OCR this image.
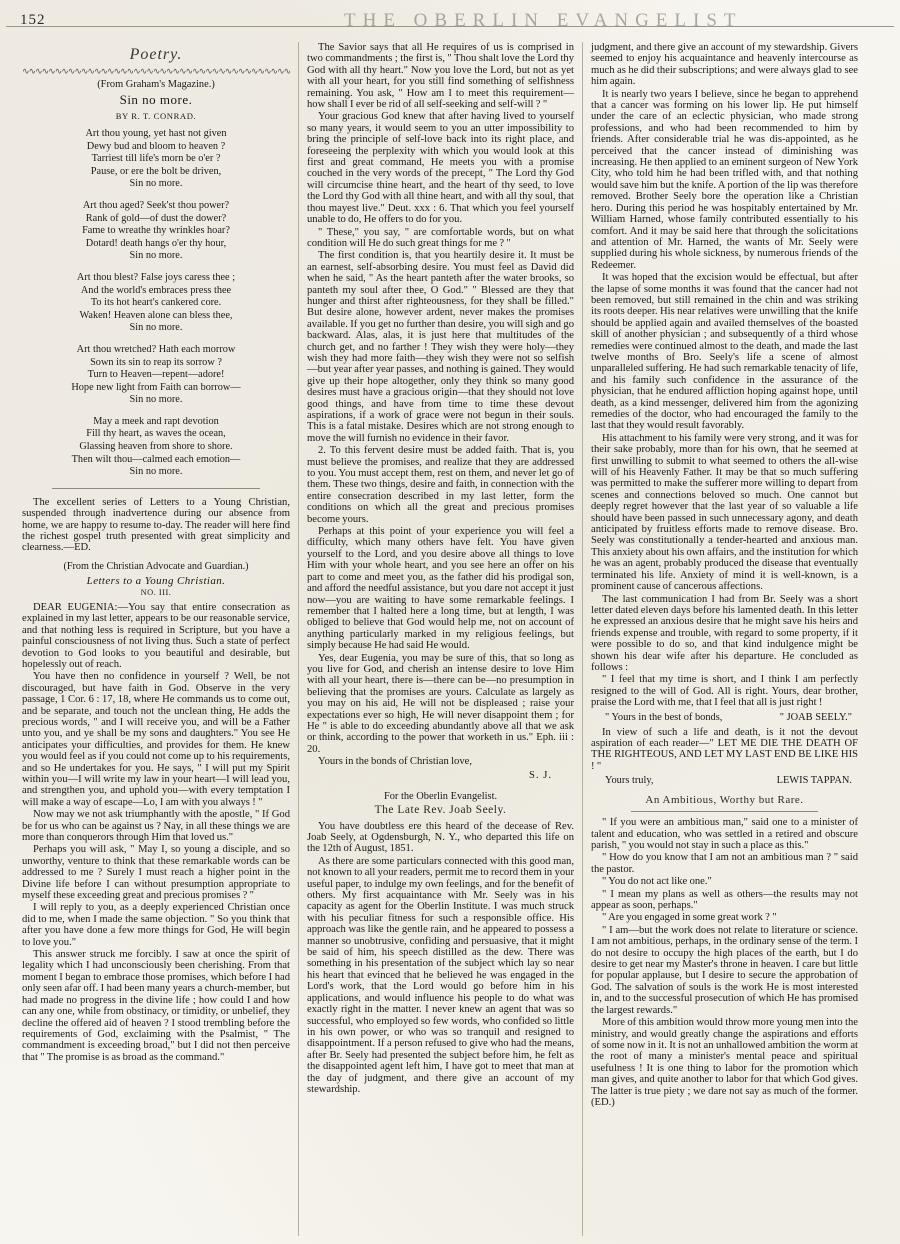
152	THE OBERLIN EVANGELIST
Poetry.
∿∿∿∿∿∿∿∿∿∿∿∿∿∿∿∿∿∿∿∿∿∿∿∿∿∿∿∿∿∿∿∿∿∿∿∿∿∿∿∿∿
(From Graham's Magazine.)
Sin no more.
BY R. T. CONRAD.
Art thou young, yet hast not given
Dewy bud and bloom to heaven ?
Tarriest till life's morn be o'er ?
Pause, or ere the bolt be driven,
Sin no more.
Art thou aged? Seek'st thou power?
Rank of gold—of dust the dower?
Fame to wreathe thy wrinkles hoar?
Dotard! death hangs o'er thy hour,
Sin no more.
Art thou blest? False joys caress thee ;
And the world's embraces press thee
To its hot heart's cankered core.
Waken! Heaven alone can bless thee,
Sin no more.
Art thou wretched? Hath each morrow
Sown its sin to reap its sorrow ?
Turn to Heaven—repent—adore!
Hope new light from Faith can borrow—
Sin no more.
May a meek and rapt devotion
Fill thy heart, as waves the ocean,
Glassing heaven from shore to shore.
Then wilt thou—calmed each emotion—
Sin no more.

The excellent series of Letters to a Young Christian, suspended through inadvertence during our absence from home, we are happy to resume to-day. The reader will here find the richest gospel truth presented with great simplicity and clearness.—ED.

(From the Christian Advocate and Guardian.)
Letters to a Young Christian.
NO. III.

DEAR EUGENIA:—You say that entire consecration as explained in my last letter, appears to be our reasonable service, and that nothing less is required in Scripture, but you have a painful consciousness of not living thus. Such a state of perfect devotion to God looks to you beautiful and desirable, but hopelessly out of reach.

You have then no confidence in yourself ? Well, be not discouraged, but have faith in God. Observe in the very passage, 1 Cor. 6 : 17, 18, where He commands us to come out, and be separate, and touch not the unclean thing, He adds the precious words, " and I will receive you, and will be a Father unto you, and ye shall be my sons and daughters." You see He anticipates your difficulties, and provides for them. He knew you would feel as if you could not come up to his requirements, and so He undertakes for you. He says, " I will put my Spirit within you—I will write my law in your heart—I will lead you, and strengthen you, and uphold you—with every temptation I will make a way of escape—Lo, I am with you always ! "

Now may we not ask triumphantly with the apostle, " If God be for us who can be against us ? Nay, in all these things we are more than conquerors through Him that loved us."

Perhaps you will ask, " May I, so young a disciple, and so unworthy, venture to think that these remarkable words can be addressed to me ? Surely I must reach a higher point in the Divine life before I can without presumption appropriate to myself these exceeding great and precious promises ? "

I will reply to you, as a deeply experienced Christian once did to me, when I made the same objection. " So you think that after you have done a few more things for God, He will begin to love you."

This answer struck me forcibly. I saw at once the spirit of legality which I had unconsciously been cherishing. From that moment I began to embrace those promises, which before I had only seen afar off. I had been many years a church-member, but had made no progress in the divine life ; how could I and how can any one, while from obstinacy, or timidity, or unbelief, they decline the offered aid of heaven ? I stood trembling before the requirements of God, exclaiming with the Psalmist, " The commandment is exceeding broad," but I did not then perceive that " The promise is as broad as the command."

The Savior says that all He requires of us is comprised in two commandments ; the first is, " Thou shalt love the Lord thy God with all thy heart." Now you love the Lord, but not as yet with all your heart, for you still find something of selfishness remaining. You ask, " How am I to meet this requirement—how shall I ever be rid of all self-seeking and self-will ? "

Your gracious God knew that after having lived to yourself so many years, it would seem to you an utter impossibility to bring the principle of self-love back into its right place, and foreseeing the perplexity with which you would look at this first and great command, He meets you with a promise couched in the very words of the precept, " The Lord thy God will circumcise thine heart, and the heart of thy seed, to love the Lord thy God with all thine heart, and with all thy soul, that thou mayest live." Deut. xxx : 6. That which you feel yourself unable to do, He offers to do for you.

" These," you say, " are comfortable words, but on what condition will He do such great things for me ? "

The first condition is, that you heartily desire it. It must be an earnest, self-absorbing desire. You must feel as David did when he said, " As the heart panteth after the water brooks, so panteth my soul after thee, O God." " Blessed are they that hunger and thirst after righteousness, for they shall be filled." But desire alone, however ardent, never makes the promises available. If you get no further than desire, you will sigh and go backward. Alas, alas, it is just here that multitudes of the church get, and no farther ! They wish they were holy—they wish they had more faith—they wish they were not so selfish—but year after year passes, and nothing is gained. They would give up their hope altogether, only they think so many good desires must have a gracious origin—that they should not love good things, and have from time to time these devout aspirations, if a work of grace were not begun in their souls. This is a fatal mistake. Desires which are not strong enough to move the will furnish no evidence in their favor.

2. To this fervent desire must be added faith. That is, you must believe the promises, and realize that they are addressed to you. You must accept them, rest on them, and never let go of them. These two things, desire and faith, in connection with the entire consecration described in my last letter, form the conditions on which all the great and precious promises become yours.

Perhaps at this point of your experience you will feel a difficulty, which many others have felt. You have given yourself to the Lord, and you desire above all things to love Him with your whole heart, and you see here an offer on his part to come and meet you, as the father did his prodigal son, and afford the needful assistance, but you dare not accept it just now—you are waiting to have some remarkable feelings. I remember that I halted here a long time, but at length, I was obliged to believe that God would help me, not on account of anything particularly marked in my religious feelings, but simply because He had said He would.

Yes, dear Eugenia, you may be sure of this, that so long as you live for God, and cherish an intense desire to love Him with all your heart, there is—there can be—no presumption in believing that the promises are yours. Calculate as largely as you may on his aid, He will not be displeased ; raise your expectations ever so high, He will never disappoint them ; for He " is able to do exceeding abundantly above all that we ask or think, according to the power that worketh in us." Eph. iii : 20.

Yours in the bonds of Christian love,

S. J.
For the Oberlin Evangelist.
The Late Rev. Joab Seely.

You have doubtless ere this heard of the decease of Rev. Joab Seely, at Ogdensburgh, N. Y., who departed this life on the 12th of August, 1851.

As there are some particulars connected with this good man, not known to all your readers, permit me to record them in your useful paper, to indulge my own feelings, and for the benefit of others. My first acquaintance with Mr. Seely was in his capacity as agent for the Oberlin Institute. I was much struck with his peculiar fitness for such a responsible office. His approach was like the gentle rain, and he appeared to possess a manner so unobtrusive, confiding and persuasive, that it might be said of him, his speech distilled as the dew. There was something in his presentation of the subject which lay so near his heart that evinced that he believed he was engaged in the Lord's work, that the Lord would go before him in his applications, and would influence his people to do what was exactly right in the matter. I never knew an agent that was so successful, who employed so few words, who confided so little in his own power, or who was so tranquil and resigned to disappointment. If a person refused to give who had the means, after Br. Seely had presented the subject before him, he felt as the disappointed agent left him, I have got to meet that man at the day of judgment, and there give an account of my stewardship.

judgment, and there give an account of my stewardship. Givers seemed to enjoy his acquaintance and heavenly intercourse as much as he did their subscriptions; and were always glad to see him again.

It is nearly two years I believe, since he began to apprehend that a cancer was forming on his lower lip. He put himself under the care of an eclectic physician, who made strong professions, and who had been recommended to him by friends. After considerable trial he was dis-appointed, as he perceived that the cancer instead of diminishing was increasing. He then applied to an eminent surgeon of New York City, who told him he had been trifled with, and that nothing would save him but the knife. A portion of the lip was therefore removed. Brother Seely bore the operation like a Christian hero. During this period he was hospitably entertained by Mr. William Harned, whose family contributed essentially to his comfort. And it may be said here that through the solicitations and attention of Mr. Harned, the wants of Mr. Seely were supplied during his whole sickness, by numerous friends of the Redeemer.

It was hoped that the excision would be effectual, but after the lapse of some months it was found that the cancer had not been removed, but still remained in the chin and was striking its roots deeper. His near relatives were unwilling that the knife should be applied again and availed themselves of the boasted skill of another physician ; and subsequently of a third whose remedies were continued almost to the death, and made the last twelve months of Bro. Seely's life a scene of almost unparalleled suffering. He had such remarkable tenacity of life, and his family such confidence in the assurance of the physician, that he endured affliction hoping against hope, until death, as a kind messenger, delivered him from the agonizing remedies of the doctor, who had encouraged the family to the last that they would result favorably.

His attachment to his family were very strong, and it was for their sake probably, more than for his own, that he seemed at first unwilling to submit to what seemed to others the all-wise will of his Heavenly Father. It may be that so much suffering was permitted to make the sufferer more willing to depart from scenes and connections beloved so much. One cannot but deeply regret however that the last year of so valuable a life should have been passed in such unnecessary agony, and death anticipated by fruitless efforts made to remove disease. Bro. Seely was constitutionally a tender-hearted and anxious man. This anxiety about his own affairs, and the institution for which he was an agent, probably produced the disease that eventually terminated his life. Anxiety of mind it is well-known, is a prominent cause of cancerous affections.

The last communication I had from Br. Seely was a short letter dated eleven days before his lamented death. In this letter he expressed an anxious desire that he might save his heirs and friends expense and trouble, with regard to some property, if it were possible to do so, and that kind indulgence might be shown his dear wife after his departure. He concluded as follows :

" I feel that my time is short, and I think I am perfectly resigned to the will of God. All is right. Yours, dear brother, praise the Lord with me, that I feel that all is just right !

" Yours in the best of bonds,	" JOAB SEELY."

In view of such a life and death, is it not the devout aspiration of each reader—" LET ME DIE THE DEATH OF THE RIGHTEOUS, AND LET MY LAST END BE LIKE HIS ! "

Yours truly,	LEWIS TAPPAN.
An Ambitious, Worthy but Rare.

" If you were an ambitious man," said one to a minister of talent and education, who was settled in a retired and obscure parish, " you would not stay in such a place as this."

" How do you know that I am not an ambitious man ? " said the pastor.

" You do not act like one."

" I mean my plans as well as others—the results may not appear as soon, perhaps."

" Are you engaged in some great work ? "

" I am—but the work does not relate to literature or science. I am not ambitious, perhaps, in the ordinary sense of the term. I do not desire to occupy the high places of the earth, but I do desire to get near my Master's throne in heaven. I care but little for popular applause, but I desire to secure the approbation of God. The salvation of souls is the work He is most interested in, and to the successful prosecution of which He has promised the largest rewards."

More of this ambition would throw more young men into the ministry, and would greatly change the aspirations and efforts of some now in it. It is not an unhallowed ambition the worm at the root of many a minister's mental peace and spiritual usefulness ! It is one thing to labor for the promotion which man gives, and quite another to labor for that which God gives. The latter is true piety ; we dare not say as much of the former. (ED.)
